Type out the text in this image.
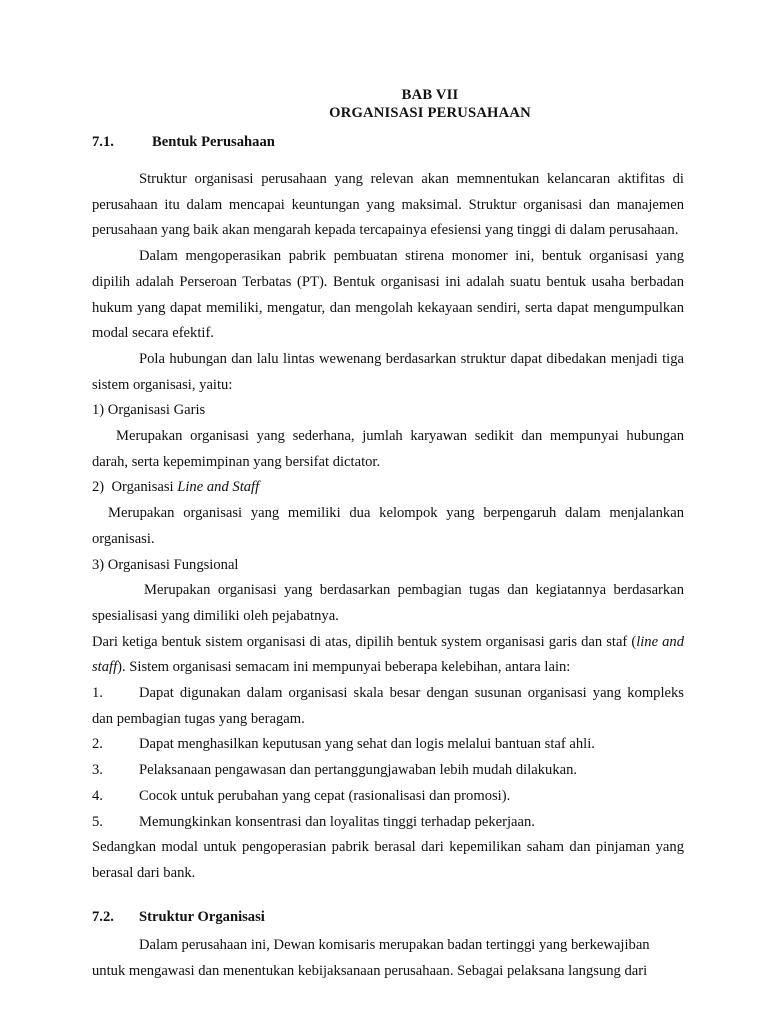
BAB VII
ORGANISASI PERUSAHAAN
7.1.	Bentuk Perusahaan
Struktur organisasi perusahaan yang relevan akan memnentukan kelancaran aktifitas di perusahaan itu dalam mencapai keuntungan yang maksimal. Struktur organisasi dan manajemen perusahaan yang baik akan mengarah kepada tercapainya efesiensi yang tinggi di dalam perusahaan.
Dalam mengoperasikan pabrik pembuatan stirena monomer ini, bentuk organisasi yang dipilih adalah Perseroan Terbatas (PT). Bentuk organisasi ini adalah suatu bentuk usaha berbadan hukum yang dapat memiliki, mengatur, dan mengolah kekayaan sendiri, serta dapat mengumpulkan modal secara efektif.
Pola hubungan dan lalu lintas wewenang berdasarkan struktur dapat dibedakan menjadi tiga sistem organisasi, yaitu:
1) Organisasi Garis
Merupakan organisasi yang sederhana, jumlah karyawan sedikit dan mempunyai hubungan darah, serta kepemimpinan yang bersifat dictator.
2)  Organisasi Line and Staff
Merupakan organisasi yang memiliki dua kelompok yang berpengaruh dalam menjalankan organisasi.
3) Organisasi Fungsional
Merupakan organisasi yang berdasarkan pembagian tugas dan kegiatannya berdasarkan spesialisasi yang dimiliki oleh pejabatnya.
Dari ketiga bentuk sistem organisasi di atas, dipilih bentuk system organisasi garis dan staf (line and staff). Sistem organisasi semacam ini mempunyai beberapa kelebihan, antara lain:
1. Dapat digunakan dalam organisasi skala besar dengan susunan organisasi yang kompleks dan pembagian tugas yang beragam.
2.	Dapat menghasilkan keputusan yang sehat dan logis melalui bantuan staf ahli.
3.	Pelaksanaan pengawasan dan pertanggungjawaban lebih mudah dilakukan.
4.	Cocok untuk perubahan yang cepat (rasionalisasi dan promosi).
5.	Memungkinkan konsentrasi dan loyalitas tinggi terhadap pekerjaan.
Sedangkan modal untuk pengoperasian pabrik berasal dari kepemilikan saham dan pinjaman yang berasal dari bank.
7.2. Struktur Organisasi
Dalam perusahaan ini, Dewan komisaris merupakan badan tertinggi yang berkewajiban
untuk mengawasi dan menentukan kebijaksanaan perusahaan. Sebagai pelaksana langsung dari
